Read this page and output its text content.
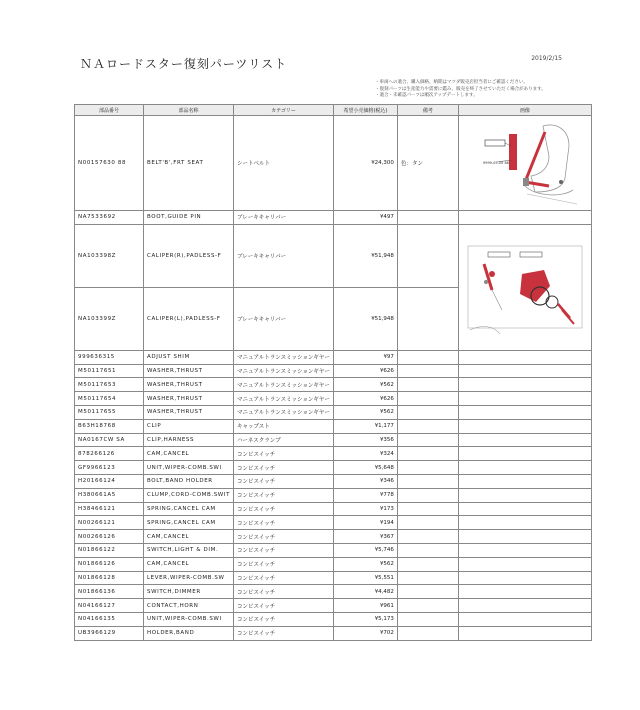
ＮＡロードスター復刻パーツリスト	2019/2/15
・車両への適合、購入価格、納期はマツダ販売店担当者にご確認ください。
・復刻パーツは生産能力や需要に鑑み、販売を終了させていただく場合があります。
・適合・未確認パーツは順次アップデートします。
部品番号	部品名称	カテゴリー	希望小売価格(税込)	備考	画像
N00157630 88	BELT'B',FRT SEAT	シートベルト	¥24,300	色：タン	9999-05-00 88

NA7533692	BOOT,GUIDE PIN	ブレーキキャリパー	¥497		
NA103398Z	CALIPER(R),PADLESS-F	ブレーキキャリパー	¥51,948		
NA103399Z	CALIPER(L),PADLESS-F	ブレーキキャリパー	¥51,948		
999636315	ADJUST SHIM	マニュアルトランスミッションギヤー	¥97		
M50117651	WASHER,THRUST	マニュアルトランスミッションギヤー	¥626		
M50117653	WASHER,THRUST	マニュアルトランスミッションギヤー	¥562		
M50117654	WASHER,THRUST	マニュアルトランスミッションギヤー	¥626		
M50117655	WASHER,THRUST	マニュアルトランスミッションギヤー	¥562		
B63H18768	CLIP	キャップスト	¥1,177		
NA0167CW SA	CLIP,HARNESS	ハーネスクランプ	¥356		
878266126	CAM,CANCEL	コンビスイッチ	¥324		
GF9966123	UNIT,WIPER-COMB.SWI	コンビスイッチ	¥5,648		
H20166124	BOLT,BAND HOLDER	コンビスイッチ	¥346		
H380661A5	CLUMP,CORD-COMB.SWIT	コンビスイッチ	¥778		
H38466121	SPRING,CANCEL CAM	コンビスイッチ	¥173		
N00266121	SPRING,CANCEL CAM	コンビスイッチ	¥194		
N00266126	CAM,CANCEL	コンビスイッチ	¥367		
N01866122	SWITCH,LIGHT & DIM.	コンビスイッチ	¥5,746		
N01866126	CAM,CANCEL	コンビスイッチ	¥562		
N01866128	LEVER,WIPER-COMB.SW	コンビスイッチ	¥5,551		
N01866136	SWITCH,DIMMER	コンビスイッチ	¥4,482		
N04166127	CONTACT,HORN	コンビスイッチ	¥961		
N04166135	UNIT,WIPER-COMB.SWI	コンビスイッチ	¥5,173		
UB3966129	HOLDER,BAND	コンビスイッチ	¥702		
